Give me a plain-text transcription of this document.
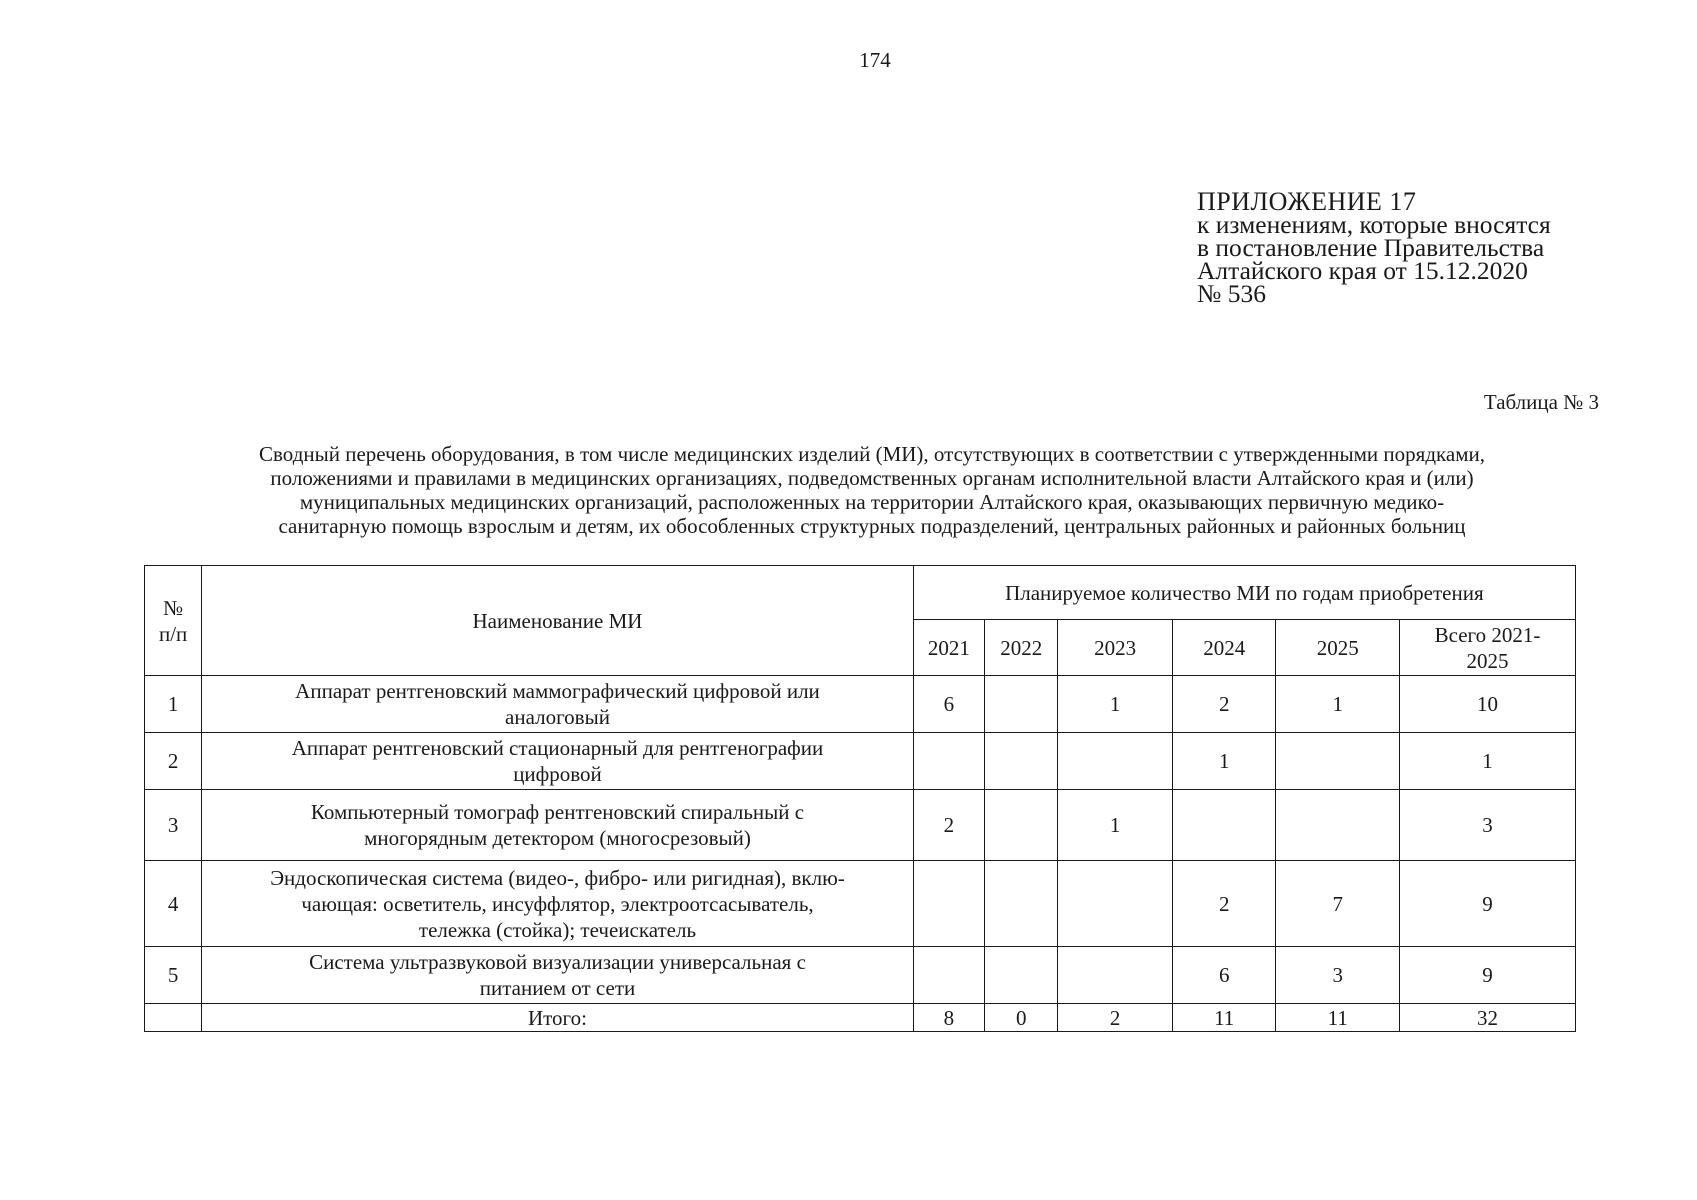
174
ПРИЛОЖЕНИЕ 17
к изменениям, которые вносятся
в постановление Правительства
Алтайского края от 15.12.2020
№ 536
Таблица № 3
Сводный перечень оборудования, в том числе медицинских изделий (МИ), отсутствующих в соответствии с утвержденными порядками,
положениями и правилами в медицинских организациях, подведомственных органам исполнительной власти Алтайского края и (или)
муниципальных медицинских организаций, расположенных на территории Алтайского края, оказывающих первичную медико-
санитарную помощь взрослым и детям, их обособленных структурных подразделений, центральных районных и районных больниц
№
п/п	Наименование МИ	Планируемое количество МИ по годам приобретения					
		2021	2022	2023	2024	2025	Всего 2021-
2025
1	Аппарат рентгеновский маммографический цифровой или
аналоговый	6		1	2	1	10
2	Аппарат рентгеновский стационарный для рентгенографии
цифровой				1		1
3	Компьютерный томограф рентгеновский спиральный с
многорядным детектором (многосрезовый)	2		1			3
4	Эндоскопическая система (видео-, фибро- или ригидная), вклю-
чающая: осветитель, инсуффлятор, электроотсасыватель,
тележка (стойка); течеискатель				2	7	9
5	Система ультразвуковой визуализации универсальная с
питанием от сети				6	3	9
	Итого:	8	0	2	11	11	32
